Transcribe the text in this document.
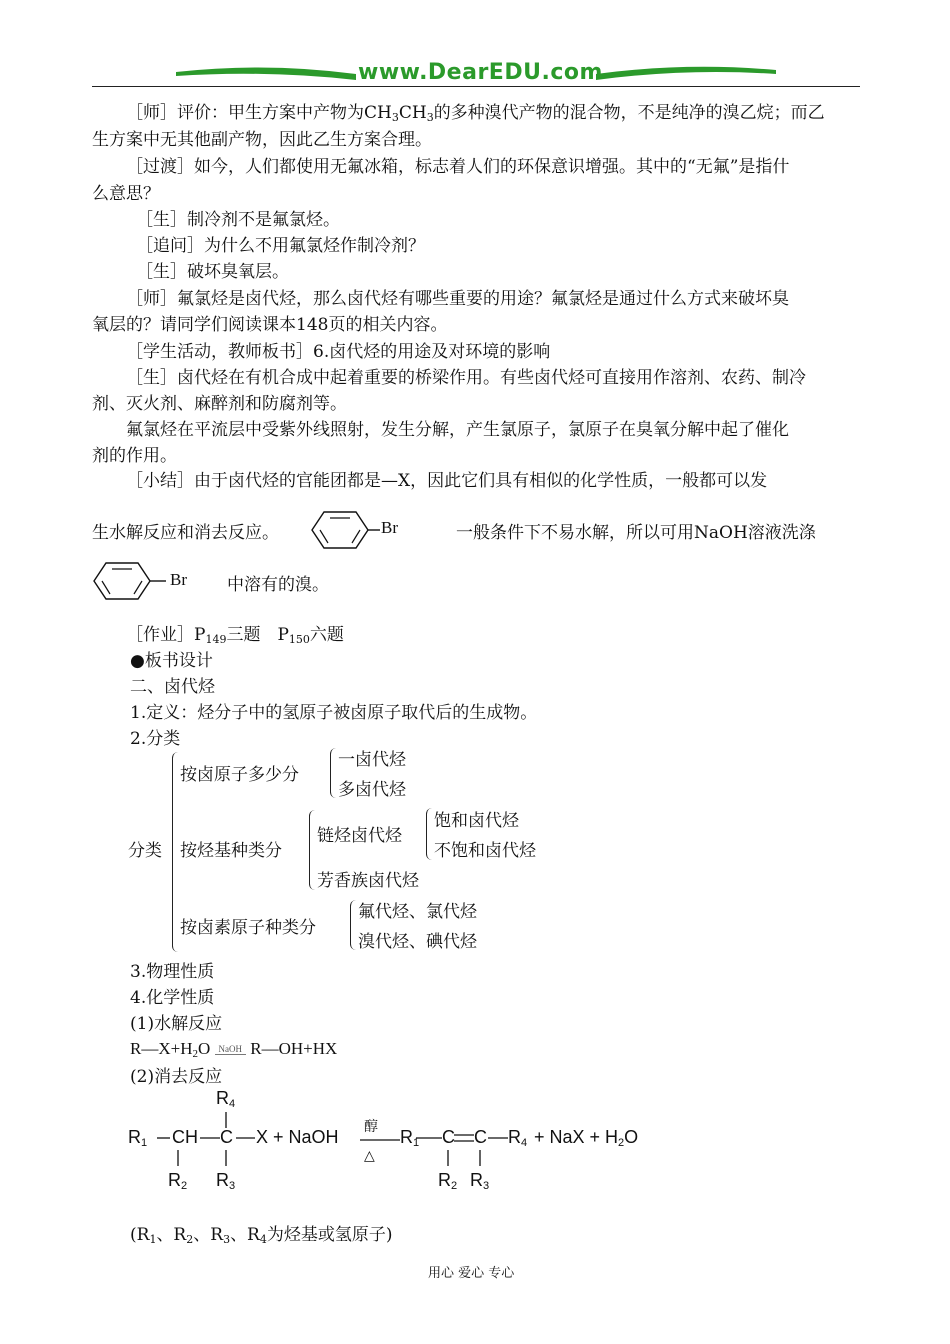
www.DearEDU.com
［师］评价：甲生方案中产物为$CH_3CH_3$的多种溴代产物的混合物，不是纯净的溴乙烷；而乙
生方案中无其他副产物，因此乙生方案合理。
［过渡］如今，人们都使用无氟冰箱，标志着人们的环保意识增强。其中的“无氟”是指什
么意思？
［生］制冷剂不是氟氯烃。
［追问］为什么不用氟氯烃作制冷剂？
［生］破坏臭氧层。
［师］氟氯烃是卤代烃，那么卤代烃有哪些重要的用途？氟氯烃是通过什么方式来破坏臭
氧层的？请同学们阅读课本148页的相关内容。
［学生活动，教师板书］6.卤代烃的用途及对环境的影响
［生］卤代烃在有机合成中起着重要的桥梁作用。有些卤代烃可直接用作溶剂、农药、制冷
剂、灭火剂、麻醉剂和防腐剂等。
氟氯烃在平流层中受紫外线照射，发生分解，产生氯原子，氯原子在臭氧分解中起了催化
剂的作用。
［小结］由于卤代烃的官能团都是—X，因此它们具有相似的化学性质，一般都可以发
生水解反应和消去反应。	Br	一般条件下不易水解，所以可用NaOH溶液洗涤
Br 中溶有的溴。
［作业$]P_{149}$三题　$P_{150}$六题
●板书设计
二、卤代烃
1.定义：烃分子中的氢原子被卤原子取代后的生成物。
2.分类
分类
按卤原子多少分
一卤代烃
多卤代烃
按烃基种类分
链烃卤代烃
饱和卤代烃
不饱和卤代烃
芳香族卤代烃
按卤素原子种类分
氟代烃、氯代烃
溴代烃、碘代烃
3.物理性质
4.化学性质
(1)水解反应
$R—X+H_2O$ NaOH R—OH+HX
(2)消去反应
$R_4$
$R_1$ CH C X + NaOH 醇
△
$R_1$ C C $R_4$ + NaX + $H_2O$
$R_2$ $R_3$	$R_2$ $R_3$
($R_1$、$R_2$、$R_3$、$R_4$为烃基或氢原子)
用心 爱心 专心
